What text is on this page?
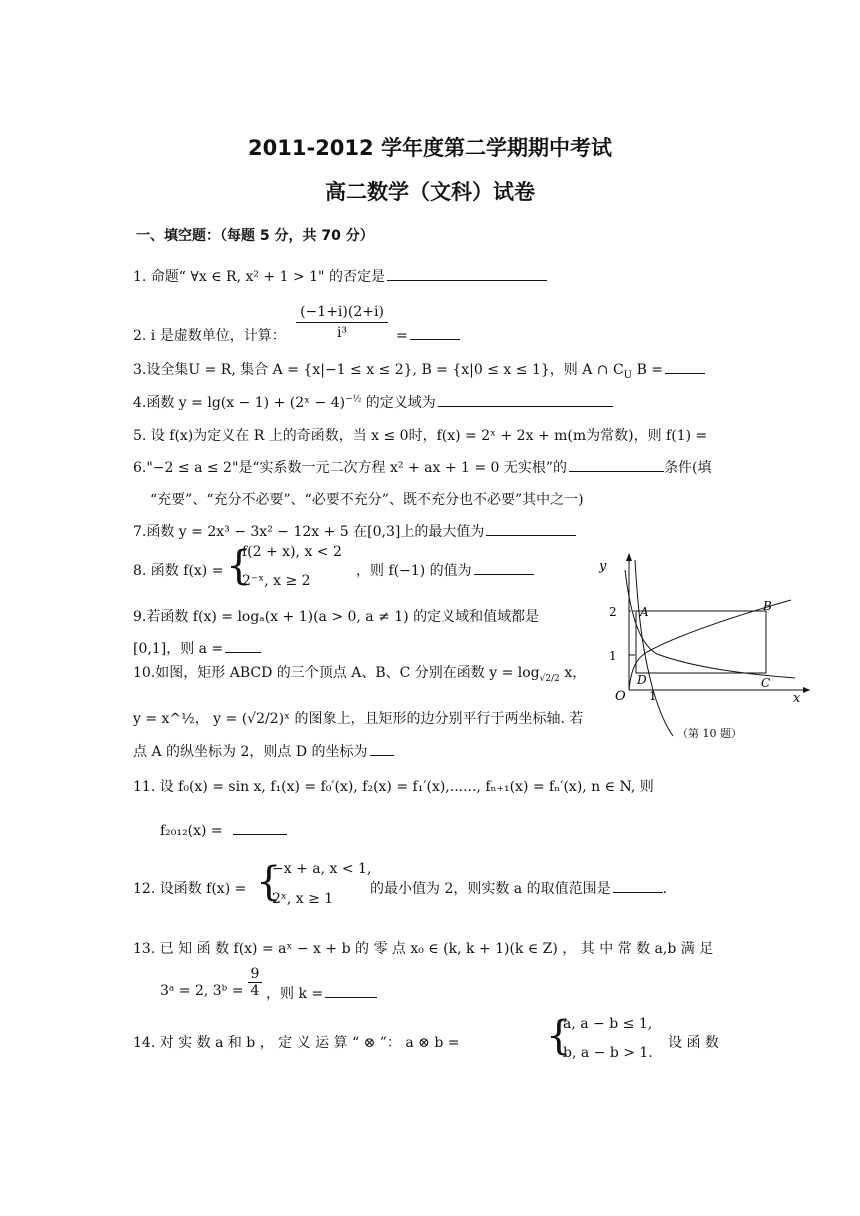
2011-2012 学年度第二学期期中考试
高二数学（文科）试卷
一、填空题：（每题 5 分，共 70 分）
1. 命题“ ∀x ∈ R, x² + 1 > 1" 的否定是
2. i 是虚数单位，计算：
(−1+i)(2+i)
i³	=
3.设全集U = R, 集合 A = {x|−1 ≤ x ≤ 2}, B = {x|0 ≤ x ≤ 1}，则 A ∩ $C_U$ B =
4.函数 y = lg(x − 1) + (2ˣ − 4)$^{-\frac{1}{2}}$ 的定义域为
5. 设 f(x)为定义在 R 上的奇函数，当 x ≤ 0时，f(x) = 2ˣ + 2x + m(m为常数)，则 f(1) =
6."−2 ≤ a ≤ 2"是“实系数一元二次方程 x² + ax + 1 = 0 无实根”的	条件(填
“充要”、“充分不必要”、“必要不充分”、既不充分也不必要”其中之一)
7.函数 y = 2x³ − 3x² − 12x + 5 在[0,3]上的最大值为
8. 函数 f(x) = {
f(2 + x), x < 2
2⁻ˣ, x ≥ 2
，则 f(−1) 的值为
9.若函数 f(x) = logₐ(x + 1)(a > 0, a ≠ 1) 的定义域和值域都是
[0,1]，则 a =
10.如图，矩形 ABCD 的三个顶点 A、B、C 分别在函数 $y = \log_{√2/2} x$，
y = x^½， y = (√2/2)ˣ 的图象上，且矩形的边分别平行于两坐标轴. 若
点 A 的纵坐标为 2，则点 D 的坐标为
y
x
O 1
1
2 A	B
C
D
（第 10 题）
11. 设 f₀(x) = sin x, f₁(x) = f₀′(x), f₂(x) = f₁′(x),......, fₙ₊₁(x) = fₙ′(x), n ∈ N, 则
f₂₀₁₂(x) =
12. 设函数 f(x) = {
−x + a, x < 1,
2ˣ, x ≥ 1
的最小值为 2，则实数 a 的取值范围是	.
13. 已 知 函 数 f(x) = aˣ − x + b 的 零 点 x₀ ∈ (k, k + 1)(k ∈ Z) ， 其 中 常 数 a,b 满 足
3ᵃ = 2, 3ᵇ =
9
4 ，则 k =
14. 对 实 数 a 和 b ， 定 义 运 算 “ ⊗ ”： a ⊗ b = {
a, a − b ≤ 1,
b, a − b > 1.
设 函 数
